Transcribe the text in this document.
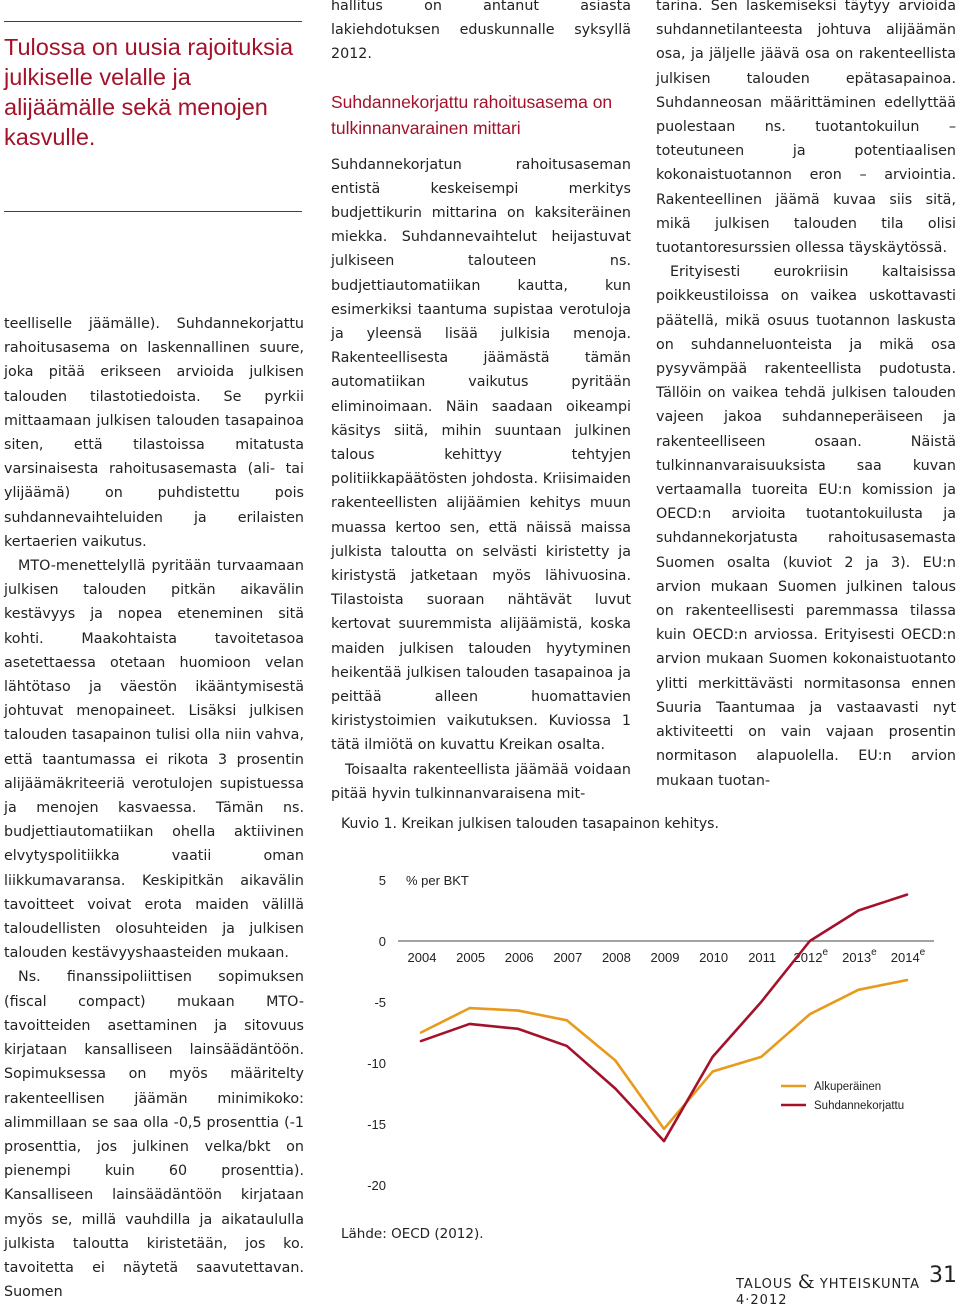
Tulossa on uusia rajoituksia julkiselle velalle ja alijäämälle sekä menojen kasvulle.

teelliselle jäämälle). Suhdannekorjattu rahoitusasema on laskennallinen suure, joka pitää erikseen arvioida julkisen talouden tilastotiedoista. Se pyrkii mittaamaan julkisen talouden tasapainoa siten, että tilastoissa mitatusta varsinaisesta rahoitusasemasta (ali- tai ylijäämä) on puhdistettu pois suhdannevaihteluiden ja erilaisten kertaerien vaikutus.

MTO-menettelyllä pyritään turvaamaan julkisen talouden pitkän aikavälin kestävyys ja nopea eteneminen sitä kohti. Maakohtaista tavoitetasoa asetettaessa otetaan huomioon velan lähtötaso ja väestön ikääntymisestä johtuvat menopaineet. Lisäksi julkisen talouden tasapainon tulisi olla niin vahva, että taantumassa ei rikota 3 prosentin alijäämäkriteeriä verotulojen supistuessa ja menojen kasvaessa. Tämän ns. budjettiautomatiikan ohella aktiivinen elvytyspolitiikka vaatii oman liikkumavaransa. Keskipitkän aikavälin tavoitteet voivat erota maiden välillä taloudellisten olosuhteiden ja julkisen talouden kestävyyshaasteiden mukaan.

Ns. finanssipoliittisen sopimuksen (fiscal compact) mukaan MTO-tavoitteiden asettaminen ja sitovuus kirjataan kansalliseen lainsäädäntöön. Sopimuksessa on myös määritelty rakenteellisen jäämän minimikoko: alimmillaan se saa olla -0,5 prosenttia (-1 prosenttia, jos julkinen velka/bkt on pienempi kuin 60 prosenttia). Kansalliseen lainsäädäntöön kirjataan myös se, millä vauhdilla ja aikataululla julkista taloutta kiristetään, jos ko. tavoitetta ei näytetä saavutettavan. Suomen

hallitus on antanut asiasta lakiehdotuksen eduskunnalle syksyllä 2012.

Suhdannekorjattu rahoitusasema on tulkinnanvarainen mittari

Suhdannekorjatun rahoitusaseman entistä keskeisempi merkitys budjettikurin mittarina on kaksiteräinen miekka. Suhdannevaihtelut heijastuvat julkiseen talouteen ns. budjettiautomatiikan kautta, kun esimerkiksi taantuma supistaa verotuloja ja yleensä lisää julkisia menoja. Rakenteellisesta jäämästä tämän automatiikan vaikutus pyritään eliminoimaan. Näin saadaan oikeampi käsitys siitä, mihin suuntaan julkinen talous kehittyy tehtyjen politiikkapäätösten johdosta. Kriisimaiden rakenteellisten alijäämien kehitys muun muassa kertoo sen, että näissä maissa julkista taloutta on selvästi kiristetty ja kiristystä jatketaan myös lähivuosina. Tilastoista suoraan nähtävät luvut kertovat suuremmista alijäämistä, koska maiden julkisen talouden hyytyminen heikentää julkisen talouden tasapainoa ja peittää alleen huomattavien kiristystoimien vaikutuksen. Kuviossa 1 tätä ilmiötä on kuvattu Kreikan osalta.

Toisaalta rakenteellista jäämää voidaan pitää hyvin tulkinnanvaraisena mit-

tarina. Sen laskemiseksi täytyy arvioida suhdannetilanteesta johtuva alijäämän osa, ja jäljelle jäävä osa on rakenteellista julkisen talouden epätasapainoa. Suhdanneosan määrittäminen edellyttää puolestaan ns. tuotantokuilun – toteutuneen ja potentiaalisen kokonaistuotannon eron – arviointia. Rakenteellinen jäämä kuvaa siis sitä, mikä julkisen talouden tila olisi tuotantoresurssien ollessa täyskäytössä.

Erityisesti eurokriisin kaltaisissa poikkeustiloissa on vaikea uskottavasti päätellä, mikä osuus tuotannon laskusta on suhdanneluonteista ja mikä osa pysyvämpää rakenteellista pudotusta. Tällöin on vaikea tehdä julkisen talouden vajeen jakoa suhdanneperäiseen ja rakenteelliseen osaan. Näistä tulkinnanvaraisuuksista saa kuvan vertaamalla tuoreita EU:n komission ja OECD:n arvioita tuotantokuilusta ja suhdannekorjatusta rahoitusasemasta Suomen osalta (kuviot 2 ja 3). EU:n arvion mukaan Suomen julkinen talous on rakenteellisesti paremmassa tilassa kuin OECD:n arviossa. Erityisesti OECD:n arvion mukaan Suomen kokonaistuotanto ylitti merkittävästi normitasonsa ennen Suuria Taantumaa ja vastaavasti nyt aktiviteetti on vain vajaan prosentin normitason alapuolella. EU:n arvion mukaan tuotan-

Kuvio 1. Kreikan julkisen talouden tasapainon kehitys.
5
0
-5
-10
-15
-20
% per BKT
2004 2005 2006 2007 2008 2009 2010 2011 2012e 2013e 2014e
Alkuperäinen
Suhdannekorjattu
Lähde: OECD (2012).
TALOUS & YHTEISKUNTA 4·2012
31
